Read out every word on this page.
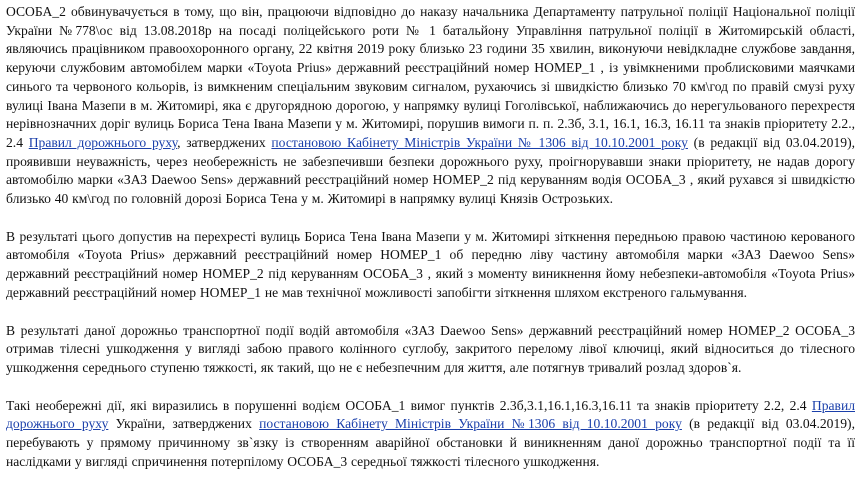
ОСОБА_2 обвинувачується в тому, що він, працюючи відповідно до наказу начальника Департаменту патрульної поліції Національної поліції України №778\ос від 13.08.2018р на посаді поліцейського роти № 1 батальйону Управління патрульної поліції в Житомирській області, являючись працівником правоохоронного органу, 22 квітня 2019 року близько 23 години 35 хвилин, виконуючи невідкладне службове завдання, керуючи службовим автомобілем марки «Toyota Prius» державний реєстраційний номер НОМЕР_1 , із увімкненими проблисковими маячками синього та червоного кольорів, із вимкненим спеціальним звуковим сигналом, рухаючись зі швидкістю близько 70 км\год по правій смузі руху вулиці Івана Мазепи в м. Житомирі, яка є другорядною дорогою, у напрямку вулиці Гоголівської, наближаючись до нерегульованого перехрестя нерівнозначних доріг вулиць Бориса Тена Івана Мазепи у м. Житомирі, порушив вимоги п. п. 2.3б, 3.1, 16.1, 16.3, 16.11 та знаків пріоритету 2.2., 2.4 Правил дорожнього руху, затверджених постановою Кабінету Міністрів України № 1306 від 10.10.2001 року (в редакції від 03.04.2019), проявивши неуважність, через необережність не забезпечивши безпеки дорожнього руху, проігнорувавши знаки пріоритету, не надав дорогу автомобілю марки «ЗАЗ Daewoo Sens» державний реєстраційний номер НОМЕР_2 під керуванням водія ОСОБА_3 , який рухався зі швидкістю близько 40 км\год по головній дорозі Бориса Тена у м. Житомирі в напрямку вулиці Князів Острозьких.

В результаті цього допустив на перехресті вулиць Бориса Тена Івана Мазепи у м. Житомирі зіткнення передньою правою частиною керованого автомобіля «Toyota Prius» державний реєстраційний номер НОМЕР_1 об передню ліву частину автомобіля марки «ЗАЗ Daewoo Sens» державний реєстраційний номер НОМЕР_2 під керуванням ОСОБА_3 , який з моменту виникнення йому небезпеки-автомобіля «Toyota Prius» державний реєстраційний номер НОМЕР_1 не мав технічної можливості запобігти зіткнення шляхом екстреного гальмування.

В результаті даної дорожньо транспортної події водій автомобіля «ЗАЗ Daewoo Sens» державний реєстраційний номер НОМЕР_2 ОСОБА_3 отримав тілесні ушкодження у вигляді забою правого колінного суглобу, закритого перелому лівої ключиці, який відноситься до тілесного ушкодження середнього ступеню тяжкості, як такий, що не є небезпечним для життя, але потягнув тривалий розлад здоров`я.

Такі необережні дії, які виразились в порушенні водієм ОСОБА_1 вимог пунктів 2.3б,3.1,16.1,16.3,16.11 та знаків пріоритету 2.2, 2.4 Правил дорожнього руху України, затверджених постановою Кабінету Міністрів України №1306 від 10.10.2001 року (в редакції від 03.04.2019), перебувають у прямому причинному зв`язку із створенням аварійної обстановки й виникненням даної дорожньо транспортної події та її наслідками у вигляді спричинення потерпілому ОСОБА_3 середньої тяжкості тілесного ушкодження.
